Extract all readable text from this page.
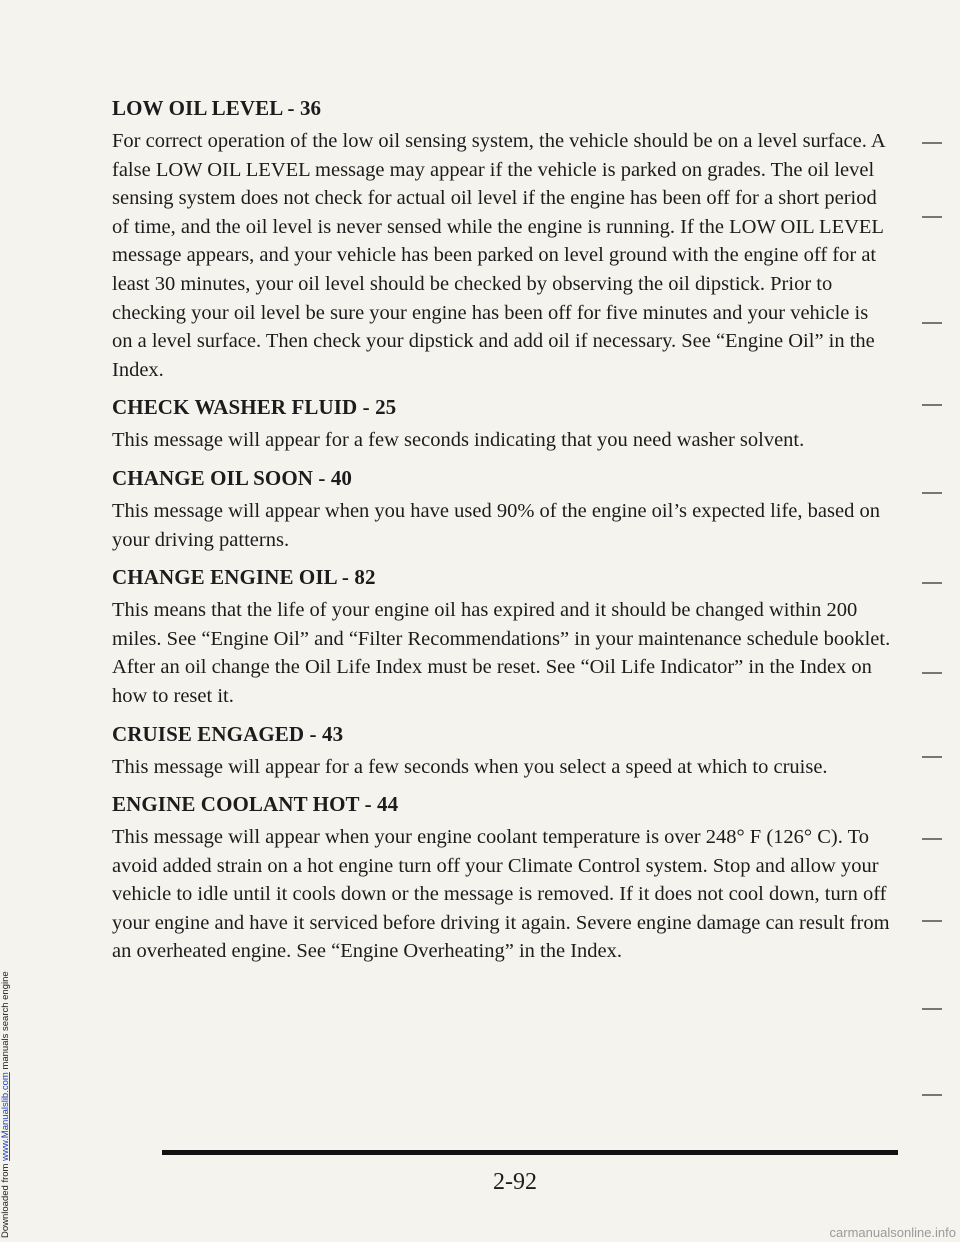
Downloaded from www.Manualslib.com manuals search engine
LOW OIL LEVEL - 36

For correct operation of the low oil sensing system, the vehicle should be on a level surface. A false LOW OIL LEVEL message may appear if the vehicle is parked on grades. The oil level sensing system does not check for actual oil level if the engine has been off for a short period of time, and the oil level is never sensed while the engine is running. If the LOW OIL LEVEL message appears, and your vehicle has been parked on level ground with the engine off for at least 30 minutes, your oil level should be checked by observing the oil dipstick. Prior to checking your oil level be sure your engine has been off for five minutes and your vehicle is on a level surface. Then check your dipstick and add oil if necessary. See “Engine Oil” in the Index.

CHECK WASHER FLUID - 25

This message will appear for a few seconds indicating that you need washer solvent.

CHANGE OIL SOON - 40

This message will appear when you have used 90% of the engine oil’s expected life, based on your driving patterns.

CHANGE ENGINE OIL - 82

This means that the life of your engine oil has expired and it should be changed within 200 miles. See “Engine Oil” and “Filter Recommendations” in your maintenance schedule booklet. After an oil change the Oil Life Index must be reset. See “Oil Life Indicator” in the Index on how to reset it.

CRUISE ENGAGED - 43

This message will appear for a few seconds when you select a speed at which to cruise.

ENGINE COOLANT HOT - 44

This message will appear when your engine coolant temperature is over 248° F (126° C). To avoid added strain on a hot engine turn off your Climate Control system. Stop and allow your vehicle to idle until it cools down or the message is removed. If it does not cool down, turn off your engine and have it serviced before driving it again. Severe engine damage can result from an overheated engine. See “Engine Overheating” in the Index.

2-92
carmanualsonline.info
